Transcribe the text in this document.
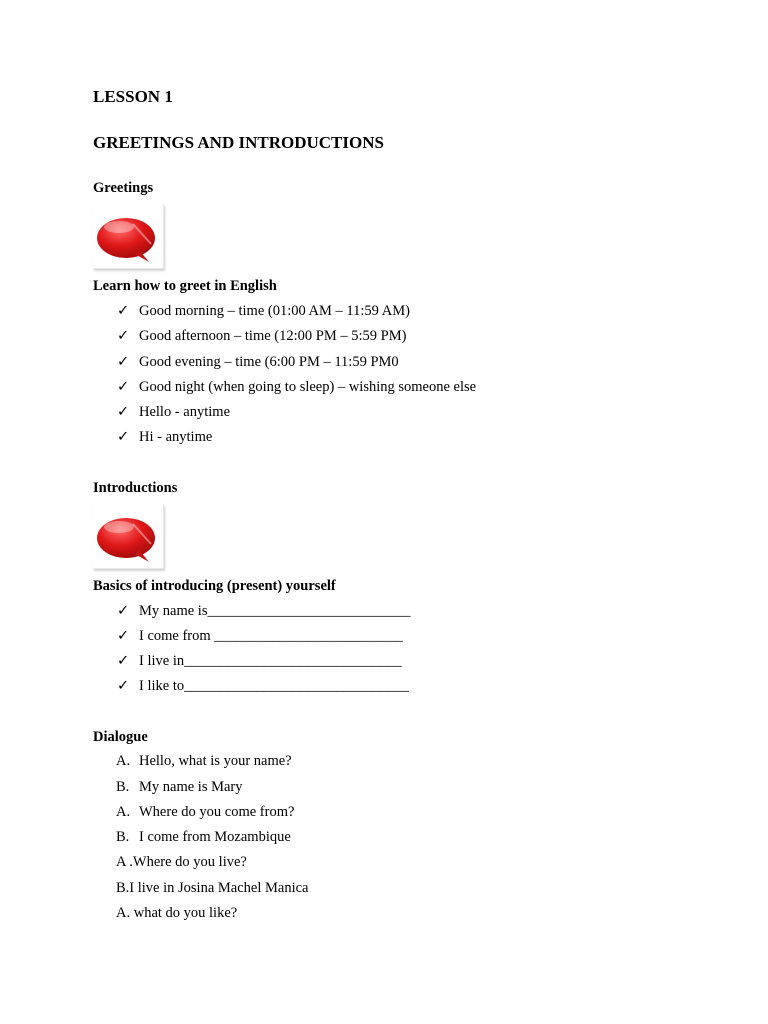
LESSON 1
GREETINGS AND INTRODUCTIONS
Greetings
Learn how to greet in English
✓ Good morning – time (01:00 AM – 11:59 AM)
✓ Good afternoon – time (12:00 PM – 5:59 PM)
✓ Good evening – time (6:00 PM – 11:59 PM0
✓ Good night (when going to sleep) – wishing someone else
✓ Hello - anytime
✓ Hi - anytime
Introductions
Basics of introducing (present) yourself
✓ My name is____________________________
✓ I come from __________________________
✓ I live in______________________________
✓ I like to_______________________________
Dialogue
A. Hello, what is your name?
B. My name is Mary
A. Where do you come from?
B. I come from Mozambique
A .Where do you live?
B.I live in Josina Machel Manica
A. what do you like?
